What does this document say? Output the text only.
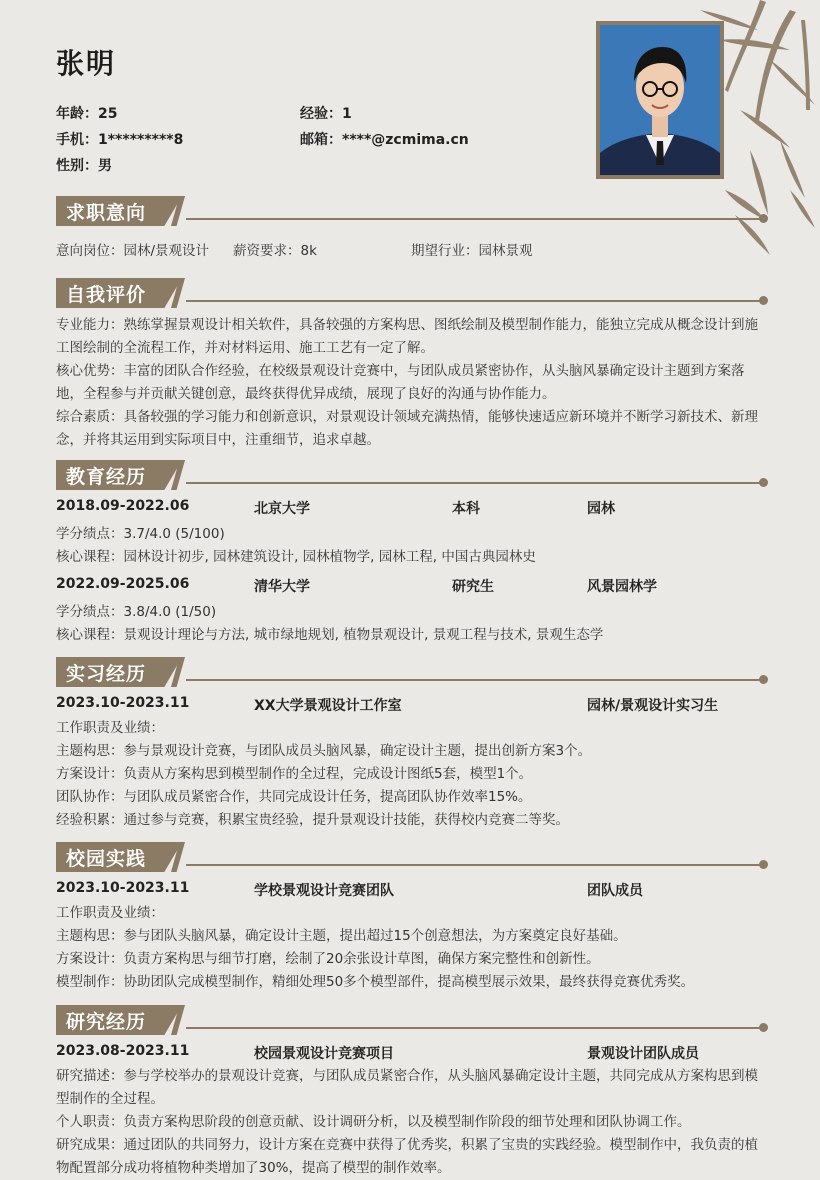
张明
年龄：25	经验：1
手机：1*********8	邮箱：****@zcmima.cn
性别：男
求职意向
意向岗位：园林/景观设计 薪资要求：8k	期望行业：园林景观
自我评价
专业能力：熟练掌握景观设计相关软件，具备较强的方案构思、图纸绘制及模型制作能力，能独立完成从概念设计到施工图绘制的全流程工作，并对材料运用、施工工艺有一定了解。
核心优势：丰富的团队合作经验，在校级景观设计竞赛中，与团队成员紧密协作，从头脑风暴确定设计主题到方案落地，全程参与并贡献关键创意，最终获得优异成绩，展现了良好的沟通与协作能力。
综合素质：具备较强的学习能力和创新意识，对景观设计领域充满热情，能够快速适应新环境并不断学习新技术、新理念，并将其运用到实际项目中，注重细节，追求卓越。
教育经历
2018.09-2022.06	北京大学	本科	园林
学分绩点：3.7/4.0 (5/100)
核心课程：园林设计初步, 园林建筑设计, 园林植物学, 园林工程, 中国古典园林史
2022.09-2025.06	清华大学	研究生	风景园林学
学分绩点：3.8/4.0 (1/50)
核心课程：景观设计理论与方法, 城市绿地规划, 植物景观设计, 景观工程与技术, 景观生态学
实习经历
2023.10-2023.11	XX大学景观设计工作室	园林/景观设计实习生
工作职责及业绩：
主题构思：参与景观设计竞赛，与团队成员头脑风暴，确定设计主题，提出创新方案3个。
方案设计：负责从方案构思到模型制作的全过程，完成设计图纸5套，模型1个。
团队协作：与团队成员紧密合作，共同完成设计任务，提高团队协作效率15%。
经验积累：通过参与竞赛，积累宝贵经验，提升景观设计技能，获得校内竞赛二等奖。
校园实践
2023.10-2023.11	学校景观设计竞赛团队	团队成员
工作职责及业绩：
主题构思：参与团队头脑风暴，确定设计主题，提出超过15个创意想法，为方案奠定良好基础。
方案设计：负责方案构思与细节打磨，绘制了20余张设计草图，确保方案完整性和创新性。
模型制作：协助团队完成模型制作，精细处理50多个模型部件，提高模型展示效果，最终获得竞赛优秀奖。
研究经历
2023.08-2023.11	校园景观设计竞赛项目	景观设计团队成员
研究描述：参与学校举办的景观设计竞赛，与团队成员紧密合作，从头脑风暴确定设计主题，共同完成从方案构思到模型制作的全过程。
个人职责：负责方案构思阶段的创意贡献、设计调研分析，以及模型制作阶段的细节处理和团队协调工作。
研究成果：通过团队的共同努力，设计方案在竞赛中获得了优秀奖，积累了宝贵的实践经验。模型制作中，我负责的植物配置部分成功将植物种类增加了30%，提高了模型的制作效率。
